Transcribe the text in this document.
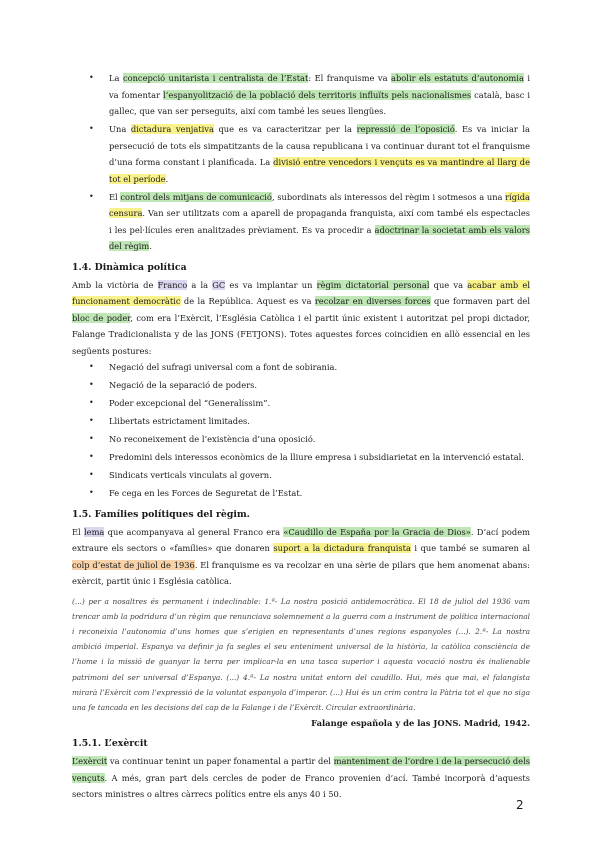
• La concepció unitarista i centralista de l’Estat: El franquisme va abolir els estatuts d’autonomia i va fomentar l’espanyolització de la població dels territoris influïts pels nacionalismes català, basc i gallec, que van ser perseguits, així com també les seues llengües.
• Una dictadura venjativa que es va caracteritzar per la repressió de l’oposició. Es va iniciar la persecució de tots els simpatitzants de la causa republicana i va continuar durant tot el franquisme d’una forma constant i planificada. La divisió entre vencedors i vençuts es va mantindre al llarg de tot el període.
• El control dels mitjans de comunicació, subordinats als interessos del règim i sotmesos a una rígida censura. Van ser utilitzats com a aparell de propaganda franquista, així com també els espectacles i les pel·lícules eren analitzades prèviament. Es va procedir a adoctrinar la societat amb els valors del règim.
1.4. Dinàmica política
Amb la victòria de Franco a la GC es va implantar un règim dictatorial personal que va acabar amb el funcionament democràtic de la República. Aquest es va recolzar en diverses forces que formaven part del bloc de poder, com era l’Exèrcit, l’Església Catòlica i el partit únic existent i autoritzat pel propi dictador, Falange Tradicionalista y de las JONS (FETJONS). Totes aquestes forces coincidien en allò essencial en les següents postures:
• Negació del sufragi universal com a font de sobirania.
• Negació de la separació de poders.
• Poder excepcional del “Generalíssim”.
• Llibertats estrictament limitades.
• No reconeixement de l’existència d’una oposició.
• Predomini dels interessos econòmics de la lliure empresa i subsidiarietat en la intervenció estatal.
• Sindicats verticals vinculats al govern.
• Fe cega en les Forces de Seguretat de l’Estat.
1.5. Famílies polítiques del règim.
El lema que acompanyava al general Franco era «Caudillo de España por la Gracia de Dios». D’ací podem extraure els sectors o «famílies» que donaren suport a la dictadura franquista i que també se sumaren al colp d’estat de juliol de 1936. El franquisme es va recolzar en una sèrie de pilars que hem anomenat abans: exèrcit, partit únic i Església catòlica.
(...) per a nosaltres és permanent i indeclinable: 1.ª- La nostra posició antidemocràtica. El 18 de juliol del 1936 vam trencar amb la podridura d’un règim que renunciava solemnement a la guerra com a instrument de política internacional i reconeixia l’autonomia d’uns homes que s’erigien en representants d’unes regions espanyoles (...). 2.ª- La nostra ambició imperial. Espanya va definir ja fa segles el seu enteniment universal de la història, la catòlica consciència de l’home i la missió de guanyar la terra per implicar-la en una tasca superior i aquesta vocació nostra és inalienable patrimoni del ser universal d’Espanya. (...) 4.ª- La nostra unitat entorn del caudillo. Hui, més que mai, el falangista mirarà l’Exèrcit com l’expressió de la voluntat espanyola d’imperar. (...) Hui és un crim contra la Pàtria tot el que no siga una fe tancada en les decisions del cap de la Falange i de l’Exèrcit. Circular extraordinària.
Falange española y de las JONS. Madrid, 1942.
1.5.1. L’exèrcit
L’exèrcit va continuar tenint un paper fonamental a partir del manteniment de l’ordre i de la persecució dels vençuts. A més, gran part dels cercles de poder de Franco provenien d’ací. També incorporà d’aquests sectors ministres o altres càrrecs polítics entre els anys 40 i 50.
2
